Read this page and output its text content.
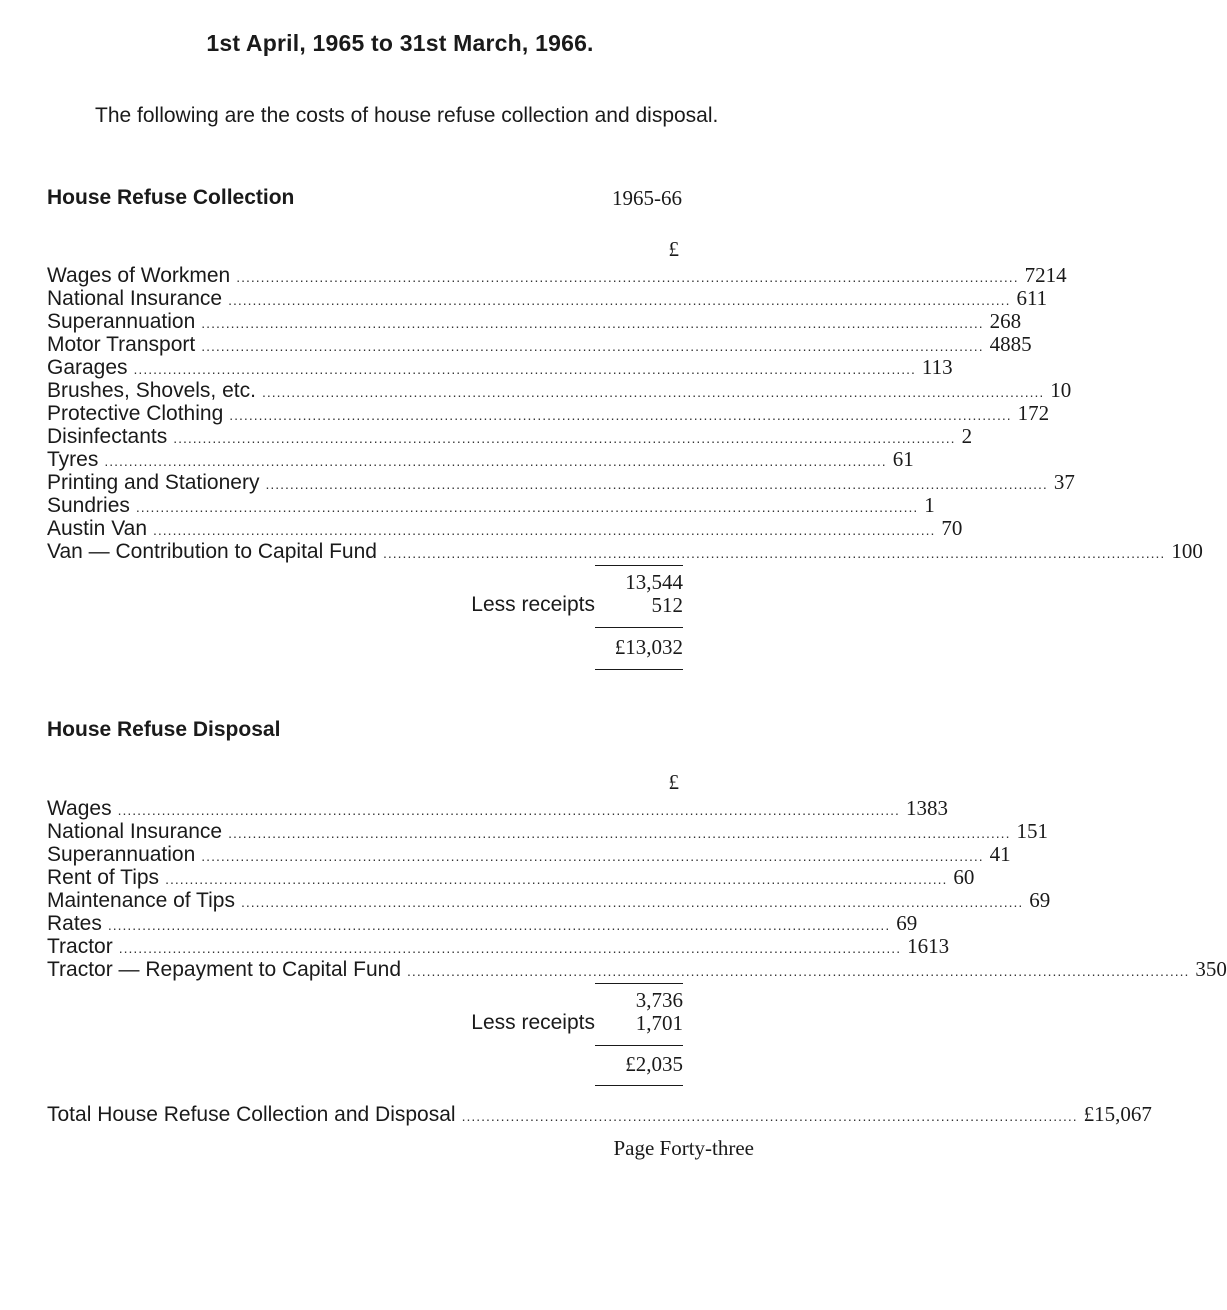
1st April, 1965 to 31st March, 1966.
The following are the costs of house refuse collection and disposal.
House Refuse Collection	1965-66
£
Wages of Workmen ................................................................................................................................................................ 7214
National Insurance ................................................................................................................................................................ 611
Superannuation ................................................................................................................................................................ 268
Motor Transport ................................................................................................................................................................ 4885
Garages ................................................................................................................................................................ 113
Brushes, Shovels, etc. ................................................................................................................................................................ 10
Protective Clothing ................................................................................................................................................................ 172
Disinfectants ................................................................................................................................................................ 2
Tyres ................................................................................................................................................................ 61
Printing and Stationery ................................................................................................................................................................ 37
Sundries ................................................................................................................................................................ 1
Austin Van ................................................................................................................................................................ 70
Van — Contribution to Capital Fund ................................................................................................................................................................ 100
13,544
Less receipts	512
£13,032
House Refuse Disposal
£
Wages ................................................................................................................................................................ 1383
National Insurance ................................................................................................................................................................ 151
Superannuation ................................................................................................................................................................ 41
Rent of Tips ................................................................................................................................................................ 60
Maintenance of Tips ................................................................................................................................................................ 69
Rates ................................................................................................................................................................ 69
Tractor ................................................................................................................................................................ 1613
Tractor — Repayment to Capital Fund ................................................................................................................................................................ 350
3,736
Less receipts 1,701
£2,035
Total House Refuse Collection and Disposal .............................................................................................................................. £15,067
Page Forty-three
